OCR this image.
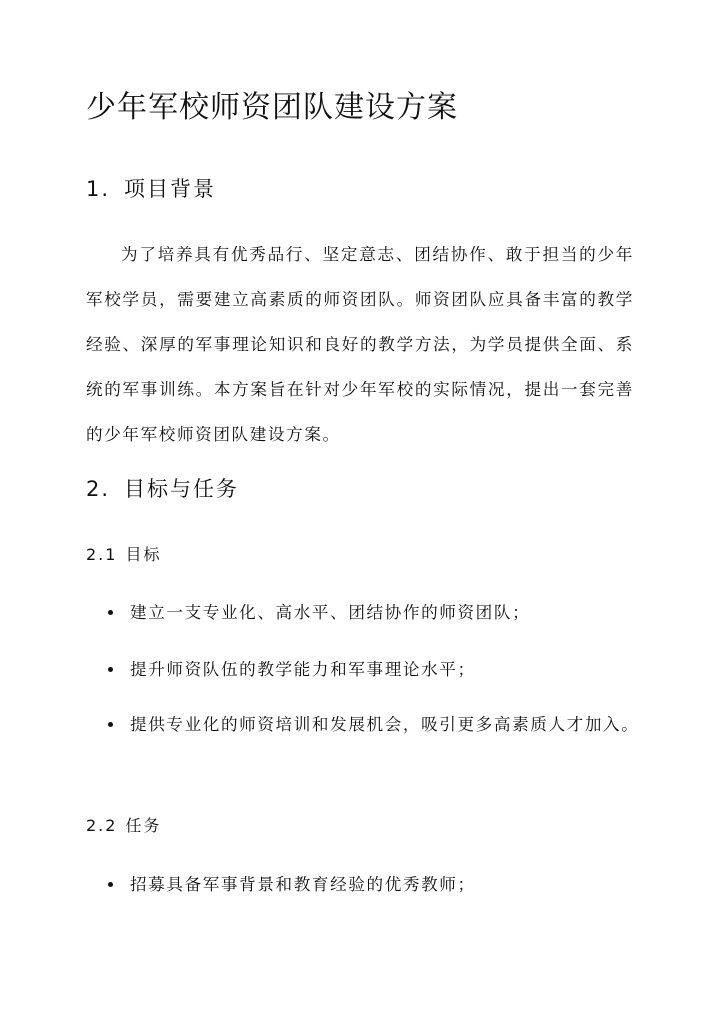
少年军校师资团队建设方案
1. 项目背景

为了培养具有优秀品行、坚定意志、团结协作、敢于担当的少年军校学员，需要建立高素质的师资团队。师资团队应具备丰富的教学经验、深厚的军事理论知识和良好的教学方法，为学员提供全面、系统的军事训练。本方案旨在针对少年军校的实际情况，提出一套完善的少年军校师资团队建设方案。

2. 目标与任务
2.1 目标
建立一支专业化、高水平、团结协作的师资团队；
提升师资队伍的教学能力和军事理论水平；
提供专业化的师资培训和发展机会，吸引更多高素质人才加入。
2.2 任务
招募具备军事背景和教育经验的优秀教师；
